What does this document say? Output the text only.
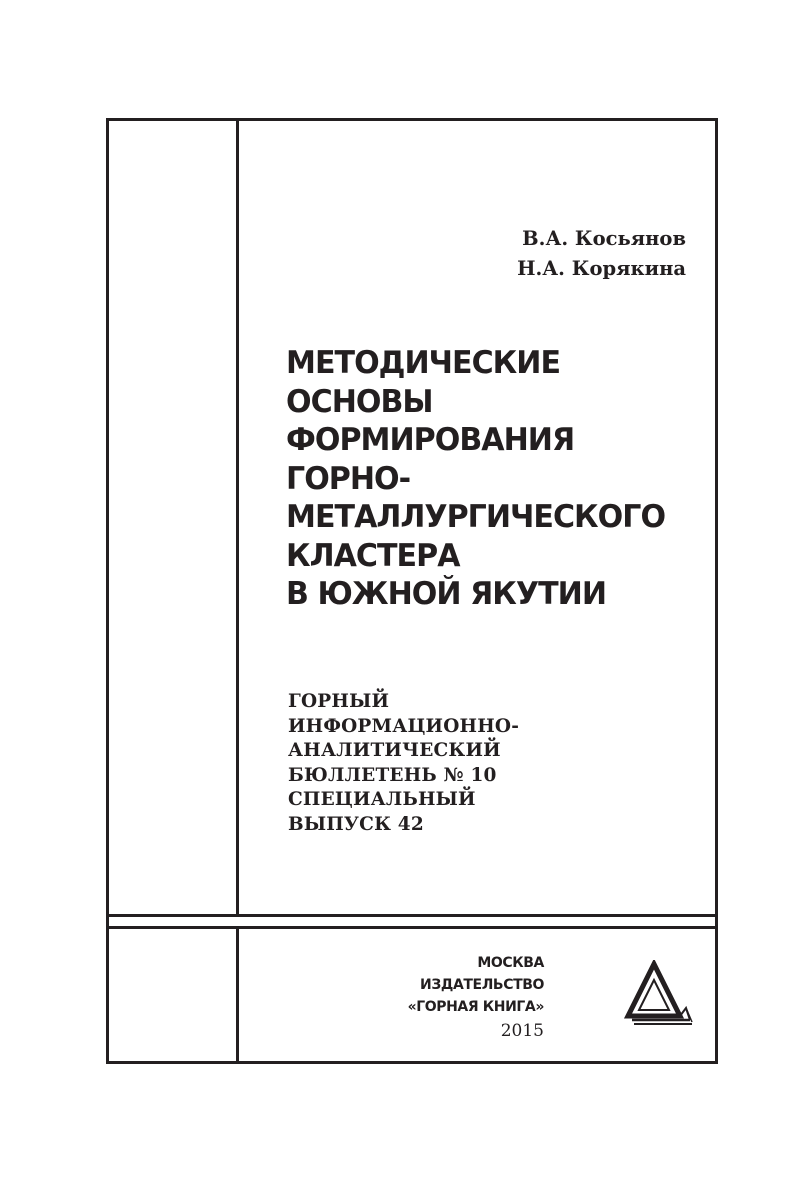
В.А. Косьянов
Н.А. Корякина
МЕТОДИЧЕСКИЕ
ОСНОВЫ
ФОРМИРОВАНИЯ
ГОРНО-
МЕТАЛЛУРГИЧЕСКОГО
КЛАСТЕРА
В ЮЖНОЙ ЯКУТИИ
ГОРНЫЙ
ИНФОРМАЦИОННО-
АНАЛИТИЧЕСКИЙ
БЮЛЛЕТЕНЬ № 10
СПЕЦИАЛЬНЫЙ
ВЫПУСК 42
МОСКВА
ИЗДАТЕЛЬСТВО
«ГОРНАЯ КНИГА»
2015
